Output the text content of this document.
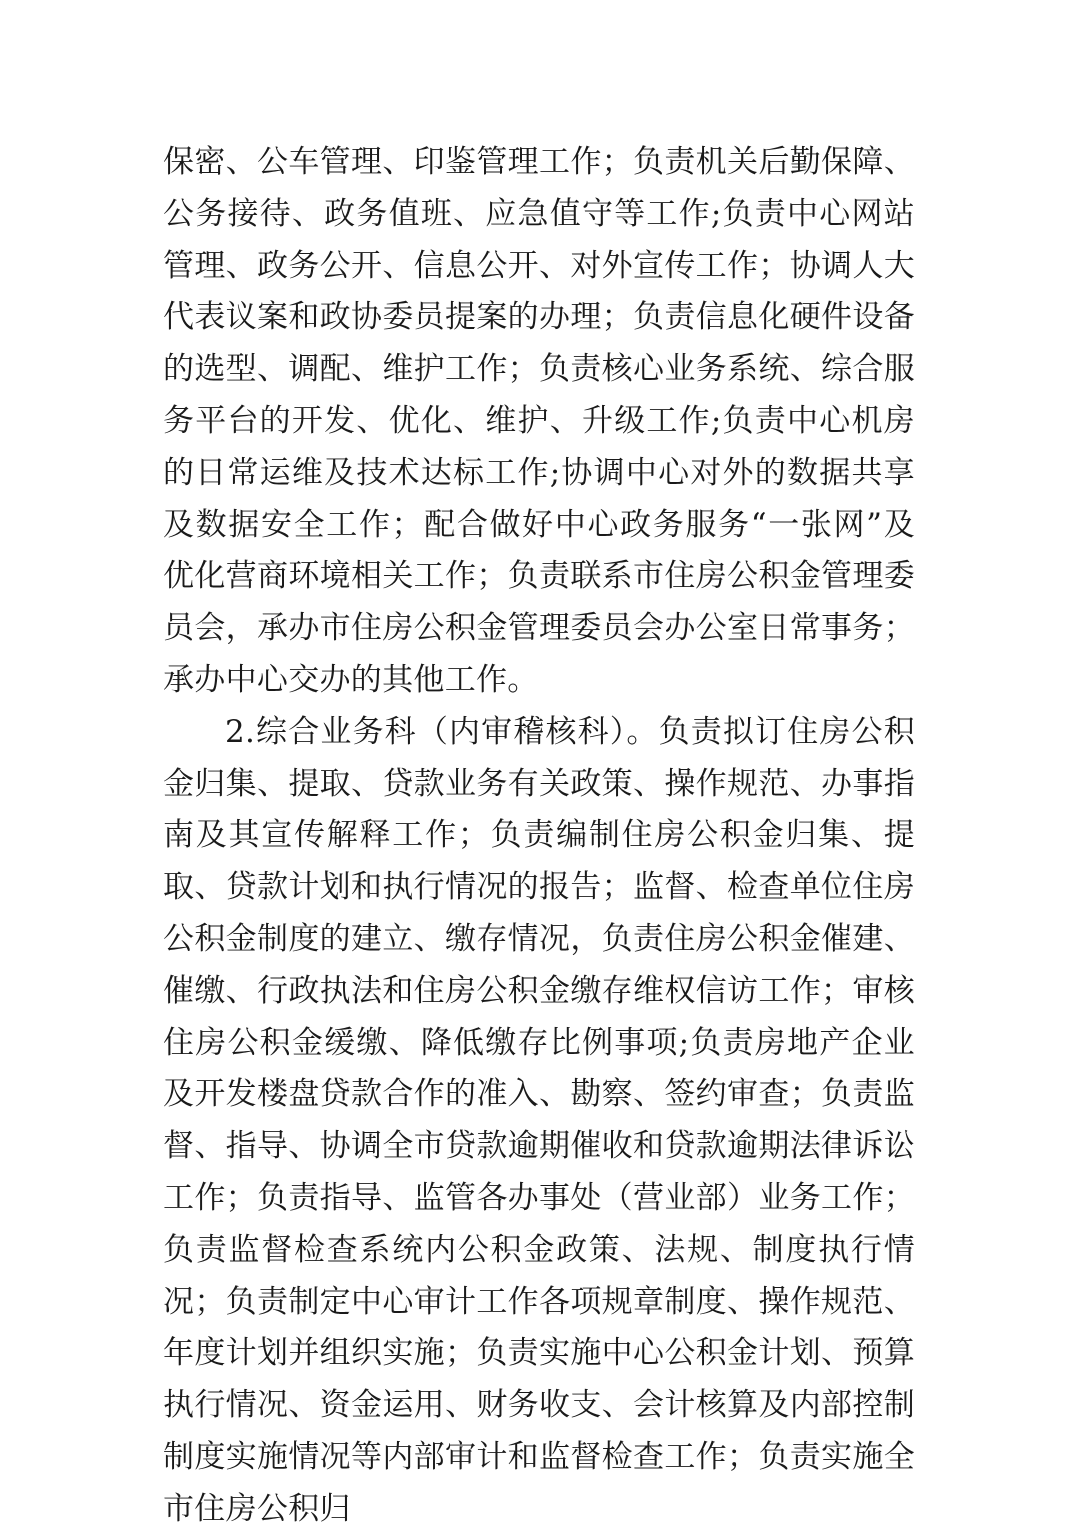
保密、公车管理、印鉴管理工作；负责机关后勤保障、公务接待、政务值班、应急值守等工作;负责中心网站管理、政务公开、信息公开、对外宣传工作；协调人大代表议案和政协委员提案的办理；负责信息化硬件设备的选型、调配、维护工作；负责核心业务系统、综合服务平台的开发、优化、维护、升级工作;负责中心机房的日常运维及技术达标工作;协调中心对外的数据共享及数据安全工作；配合做好中心政务服务“一张网”及优化营商环境相关工作；负责联系市住房公积金管理委员会，承办市住房公积金管理委员会办公室日常事务；承办中心交办的其他工作。

2.综合业务科（内审稽核科）。负责拟订住房公积金归集、提取、贷款业务有关政策、操作规范、办事指南及其宣传解释工作；负责编制住房公积金归集、提取、贷款计划和执行情况的报告；监督、检查单位住房公积金制度的建立、缴存情况，负责住房公积金催建、催缴、行政执法和住房公积金缴存维权信访工作；审核住房公积金缓缴、降低缴存比例事项;负责房地产企业及开发楼盘贷款合作的准入、勘察、签约审查；负责监督、指导、协调全市贷款逾期催收和贷款逾期法律诉讼工作；负责指导、监管各办事处（营业部）业务工作；负责监督检查系统内公积金政策、法规、制度执行情况；负责制定中心审计工作各项规章制度、操作规范、年度计划并组织实施；负责实施中心公积金计划、预算执行情况、资金运用、财务收支、会计核算及内部控制制度实施情况等内部审计和监督检查工作；负责实施全市住房公积归
